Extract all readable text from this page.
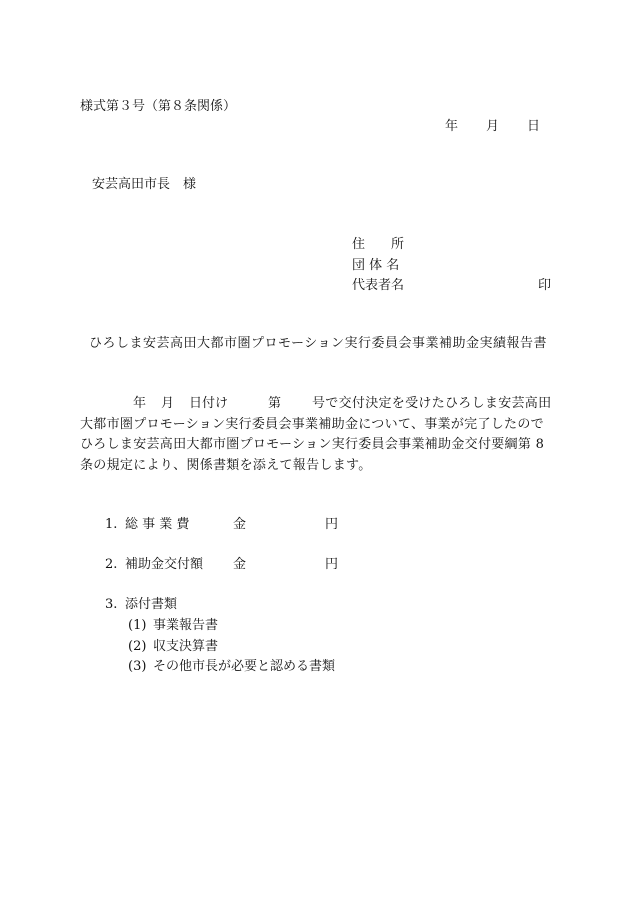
様式第３号（第８条関係）
年 月 日
安芸高田市長　様
住　　所
団 体 名
代表者名	印
ひろしま安芸高田大都市圏プロモーション実行委員会事業補助金実績報告書
年 月 日付け	第 号で交付決定を受けたひろしま安芸高田
大都市圏プロモーション実行委員会事業補助金について、事業が完了したので
ひろしま安芸高田大都市圏プロモーション実行委員会事業補助金交付要綱第 8
条の規定により、関係書類を添えて報告します。
1. 総 事 業 費	金	円
2. 補助金交付額 金	円
3. 添付書類
(1) 事業報告書
(2) 収支決算書
(3) その他市長が必要と認める書類
